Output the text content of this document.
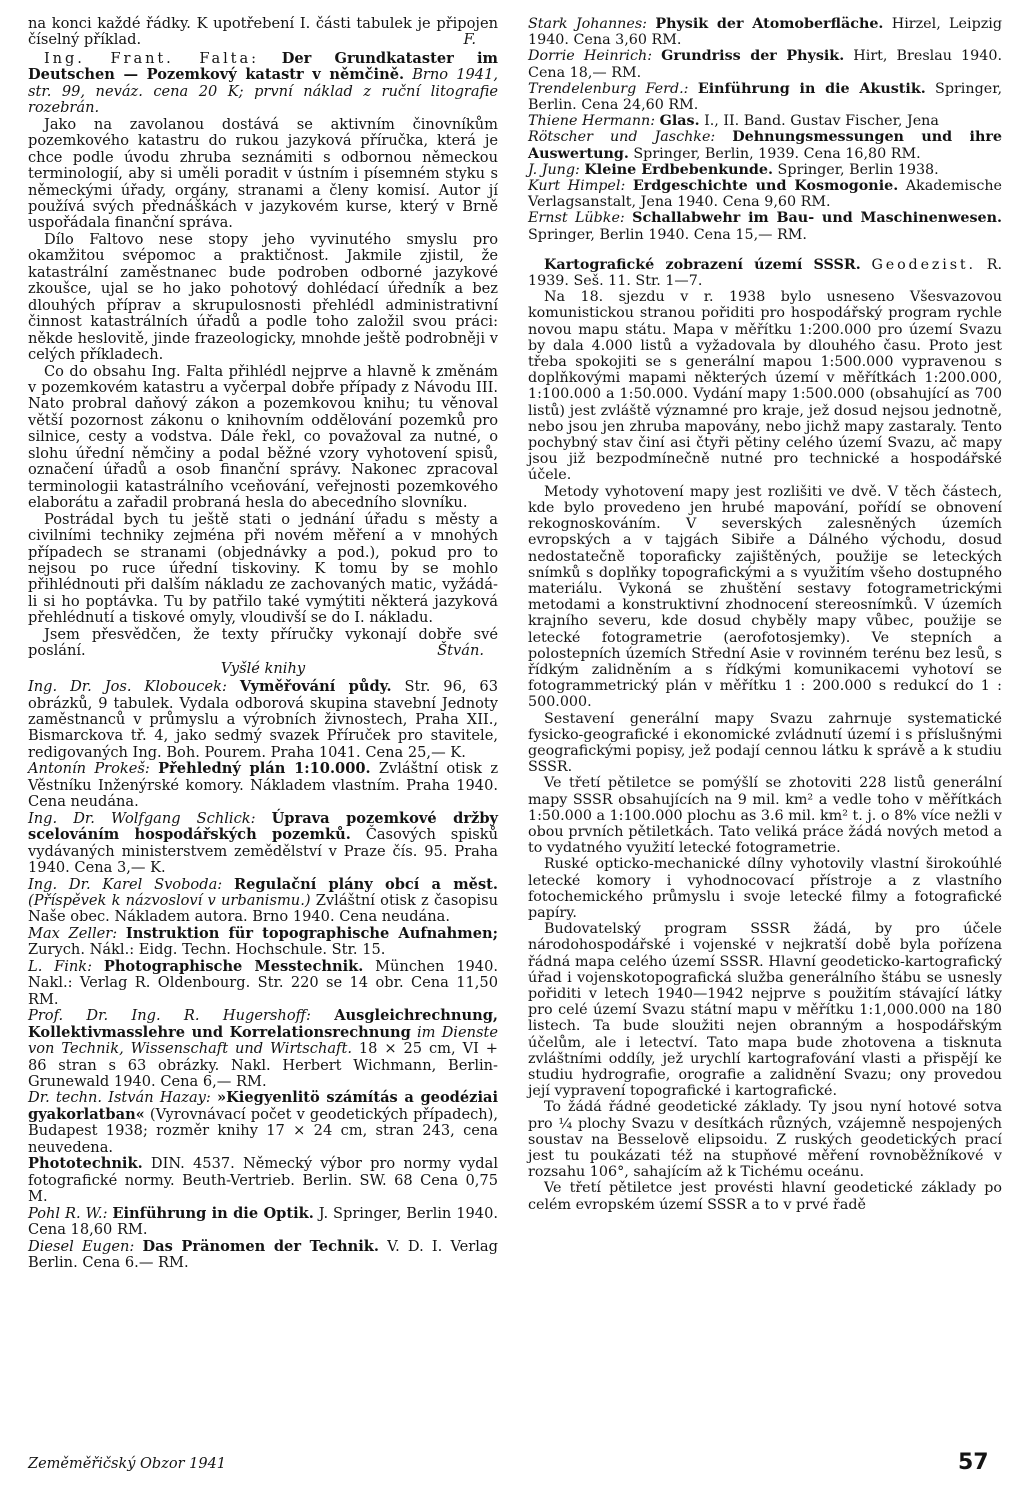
na konci každé řádky. K upotřebení I. části tabulek je připojen číselný příklad.	F.

Ing. Frant. Falta: Der Grundkataster im Deutschen — Pozemkový katastr v němčině. Brno 1941, str. 99, neváz. cena 20 K; první náklad z ruční litografie rozebrán.

Jako na zavolanou dostává se aktivním činovníkům pozemkového katastru do rukou jazyková příručka, která je chce podle úvodu zhruba seznámiti s odbornou německou terminologií, aby si uměli poradit v ústním i písemném styku s německými úřady, orgány, stranami a členy komisí. Autor jí používá svých přednáškách v jazykovém kurse, který v Brně uspořádala finanční správa.

Dílo Faltovo nese stopy jeho vyvinutého smyslu pro okamžitou svépomoc a praktičnost. Jakmile zjistil, že katastrální zaměstnanec bude podroben odborné jazykové zkoušce, ujal se ho jako pohotový dohlédací úředník a bez dlouhých příprav a skrupulosnosti přehlédl administrativní činnost katastrálních úřadů a podle toho založil svou práci: někde heslovitě, jinde frazeologicky, mnohde ještě podrobněji v celých příkladech.

Co do obsahu Ing. Falta přihlédl nejprve a hlavně k změnám v pozemkovém katastru a vyčerpal dobře případy z Návodu III. Nato probral daňový zákon a pozemkovou knihu; tu věnoval větší pozornost zákonu o knihovním oddělování pozemků pro silnice, cesty a vodstva. Dále řekl, co považoval za nutné, o slohu úřední němčiny a podal běžné vzory vyhotovení spisů, označení úřadů a osob finanční správy. Nakonec zpracoval terminologii katastrálního vceňování, veřejnosti pozemkového elaborátu a zařadil probraná hesla do abecedního slovníku.

Postrádal bych tu ještě stati o jednání úřadu s městy a civilními techniky zejména při novém měření a v mnohých případech se stranami (objednávky a pod.), pokud pro to nejsou po ruce úřední tiskoviny. K tomu by se mohlo přihlédnouti při dalším nákladu ze zachovaných matic, vyžádá-li si ho poptávka. Tu by patřilo také vymýtiti některá jazyková přehlédnutí a tiskové omyly, vloudivší se do I. nákladu.

Jsem přesvědčen, že texty příručky vykonají dobře své poslání.	Štván.

Vyšlé knihy

Ing. Dr. Jos. Kloboucek: Vyměřování půdy. Str. 96, 63 obrázků, 9 tabulek. Vydala odborová skupina stavební Jednoty zaměstnanců v průmyslu a výrobních živnostech, Praha XII., Bismarckova tř. 4, jako sedmý svazek Příruček pro stavitele, redigovaných Ing. Boh. Pourem. Praha 1041. Cena 25,— K.

Antonín Prokeš: Přehledný plán 1:10.000. Zvláštní otisk z Věstníku Inženýrské komory. Nákladem vlastním. Praha 1940. Cena neudána.

Ing. Dr. Wolfgang Schlick: Úprava pozemkové držby scelováním hospodářských pozemků. Časových spisků vydávaných ministerstvem zemědělství v Praze čís. 95. Praha 1940. Cena 3,— K.

Ing. Dr. Karel Svoboda: Regulační plány obcí a měst. (Příspěvek k názvosloví v urbanismu.) Zvláštní otisk z časopisu Naše obec. Nákladem autora. Brno 1940. Cena neudána.

Max Zeller: Instruktion für topographische Aufnahmen; Zurych. Nákl.: Eidg. Techn. Hochschule. Str. 15.

L. Fink: Photographische Messtechnik. München 1940. Nakl.: Verlag R. Oldenbourg. Str. 220 se 14 obr. Cena 11,50 RM.

Prof. Dr. Ing. R. Hugershoff: Ausgleichrechnung, Kollektivmasslehre und Korrelationsrechnung im Dienste von Technik, Wissenschaft und Wirtschaft. 18 × 25 cm, VI + 86 stran s 63 obrázky. Nakl. Herbert Wichmann, Berlin-Grunewald 1940. Cena 6,— RM.

Dr. techn. István Hazay: »Kiegyenlitö számítás a geodéziai gyakorlatban« (Vyrovnávací počet v geodetických případech), Budapest 1938; rozměr knihy 17 × 24 cm, stran 243, cena neuvedena.

Phototechnik. DIN. 4537. Německý výbor pro normy vydal fotografické normy. Beuth-Vertrieb. Berlin. SW. 68 Cena 0,75 M.

Pohl R. W.: Einführung in die Optik. J. Springer, Berlin 1940. Cena 18,60 RM.

Diesel Eugen: Das Pränomen der Technik. V. D. I. Verlag Berlin. Cena 6.— RM.

Stark Johannes: Physik der Atomoberfläche. Hirzel, Leipzig 1940. Cena 3,60 RM.

Dorrie Heinrich: Grundriss der Physik. Hirt, Breslau 1940. Cena 18,— RM.

Trendelenburg Ferd.: Einführung in die Akustik. Springer, Berlin. Cena 24,60 RM.

Thiene Hermann: Glas. I., II. Band. Gustav Fischer, Jena

Rötscher und Jaschke: Dehnungsmessungen und ihre Auswertung. Springer, Berlin, 1939. Cena 16,80 RM.

J. Jung: Kleine Erdbebenkunde. Springer, Berlin 1938.

Kurt Himpel: Erdgeschichte und Kosmogonie. Akademische Verlagsanstalt, Jena 1940. Cena 9,60 RM.

Ernst Lübke: Schallabwehr im Bau- und Maschinenwesen. Springer, Berlin 1940. Cena 15,— RM.

Kartografické zobrazení území SSSR. Geodezist. R. 1939. Seš. 11. Str. 1—7.

Na 18. sjezdu v r. 1938 bylo usneseno Všesvazovou komunistickou stranou pořiditi pro hospodářský program rychle novou mapu státu. Mapa v měřítku 1:200.000 pro území Svazu by dala 4.000 listů a vyžadovala by dlouhého času. Proto jest třeba spokojiti se s generální mapou 1:500.000 vypravenou s doplňkovými mapami některých území v měřítkách 1:200.000, 1:100.000 a 1:50.000. Vydání mapy 1:500.000 (obsahující as 700 listů) jest zvláště významné pro kraje, jež dosud nejsou jednotně, nebo jsou jen zhruba mapovány, nebo jichž mapy zastaraly. Tento pochybný stav činí asi čtyři pětiny celého území Svazu, ač mapy jsou již bezpodmínečně nutné pro technické a hospodářské účele.

Metody vyhotovení mapy jest rozlišiti ve dvě. V těch částech, kde bylo provedeno jen hrubé mapování, pořídí se obnovení rekognoskováním. V severských zalesněných územích evropských a v tajgách Sibiře a Dálného východu, dosud nedostatečně toporaficky zajištěných, použije se leteckých snímků s doplňky topografickými a s využitím všeho dostupného materiálu. Vykoná se zhuštění sestavy fotogrametrickými metodami a konstruktivní zhodnocení stereosnímků. V územích krajního severu, kde dosud chyběly mapy vůbec, použije se letecké fotogrametrie (aerofotosjemky). Ve stepních a polostepních územích Střední Asie v rovinném terénu bez lesů, s řídkým zalidněním a s řídkými komunikacemi vyhotoví se fotogrammetrický plán v měřítku 1 : 200.000 s redukcí do 1 : 500.000.

Sestavení generální mapy Svazu zahrnuje systematické fysicko-geografické i ekonomické zvládnutí území i s příslušnými geografickými popisy, jež podají cennou látku k správě a k studiu SSSR.

Ve třetí pětiletce se pomýšlí se zhotoviti 228 listů generální mapy SSSR obsahujících na 9 mil. km² a vedle toho v měřítkách 1:50.000 a 1:100.000 plochu as 3.6 mil. km² t. j. o 8% více nežli v obou prvních pětiletkách. Tato veliká práce žádá nových metod a to vydatného využití letecké fotogrametrie.

Ruské opticko-mechanické dílny vyhotovily vlastní širokoúhlé letecké komory i vyhodnocovací přístroje a z vlastního fotochemického průmyslu i svoje letecké filmy a fotografické papíry.

Budovatelský program SSSR žádá, by pro účele národohospodářské i vojenské v nejkratší době byla pořízena řádná mapa celého území SSSR. Hlavní geodeticko-kartografický úřad i vojenskotopografická služba generálního štábu se usnesly pořiditi v letech 1940—1942 nejprve s použitím stávající látky pro celé území Svazu státní mapu v měřítku 1:1,000.000 na 180 listech. Ta bude sloužiti nejen obranným a hospodářským účelům, ale i letectví. Tato mapa bude zhotovena a tisknuta zvláštními oddíly, jež urychlí kartografování vlasti a přispějí ke studiu hydrografie, orografie a zalidnění Svazu; ony provedou její vypravení topografické i kartografické.

To žádá řádné geodetické základy. Ty jsou nyní hotové sotva pro ¼ plochy Svazu v desítkách různých, vzájemně nespojených soustav na Besselově elipsoidu. Z ruských geodetických prací jest tu poukázati též na stupňové měření rovnoběžníkové v rozsahu 106°, sahajícím až k Tichému oceánu.

Ve třetí pětiletce jest provésti hlavní geodetické základy po celém evropském území SSSR a to v prvé řadě

Zeměměřičský Obzor 1941	57
